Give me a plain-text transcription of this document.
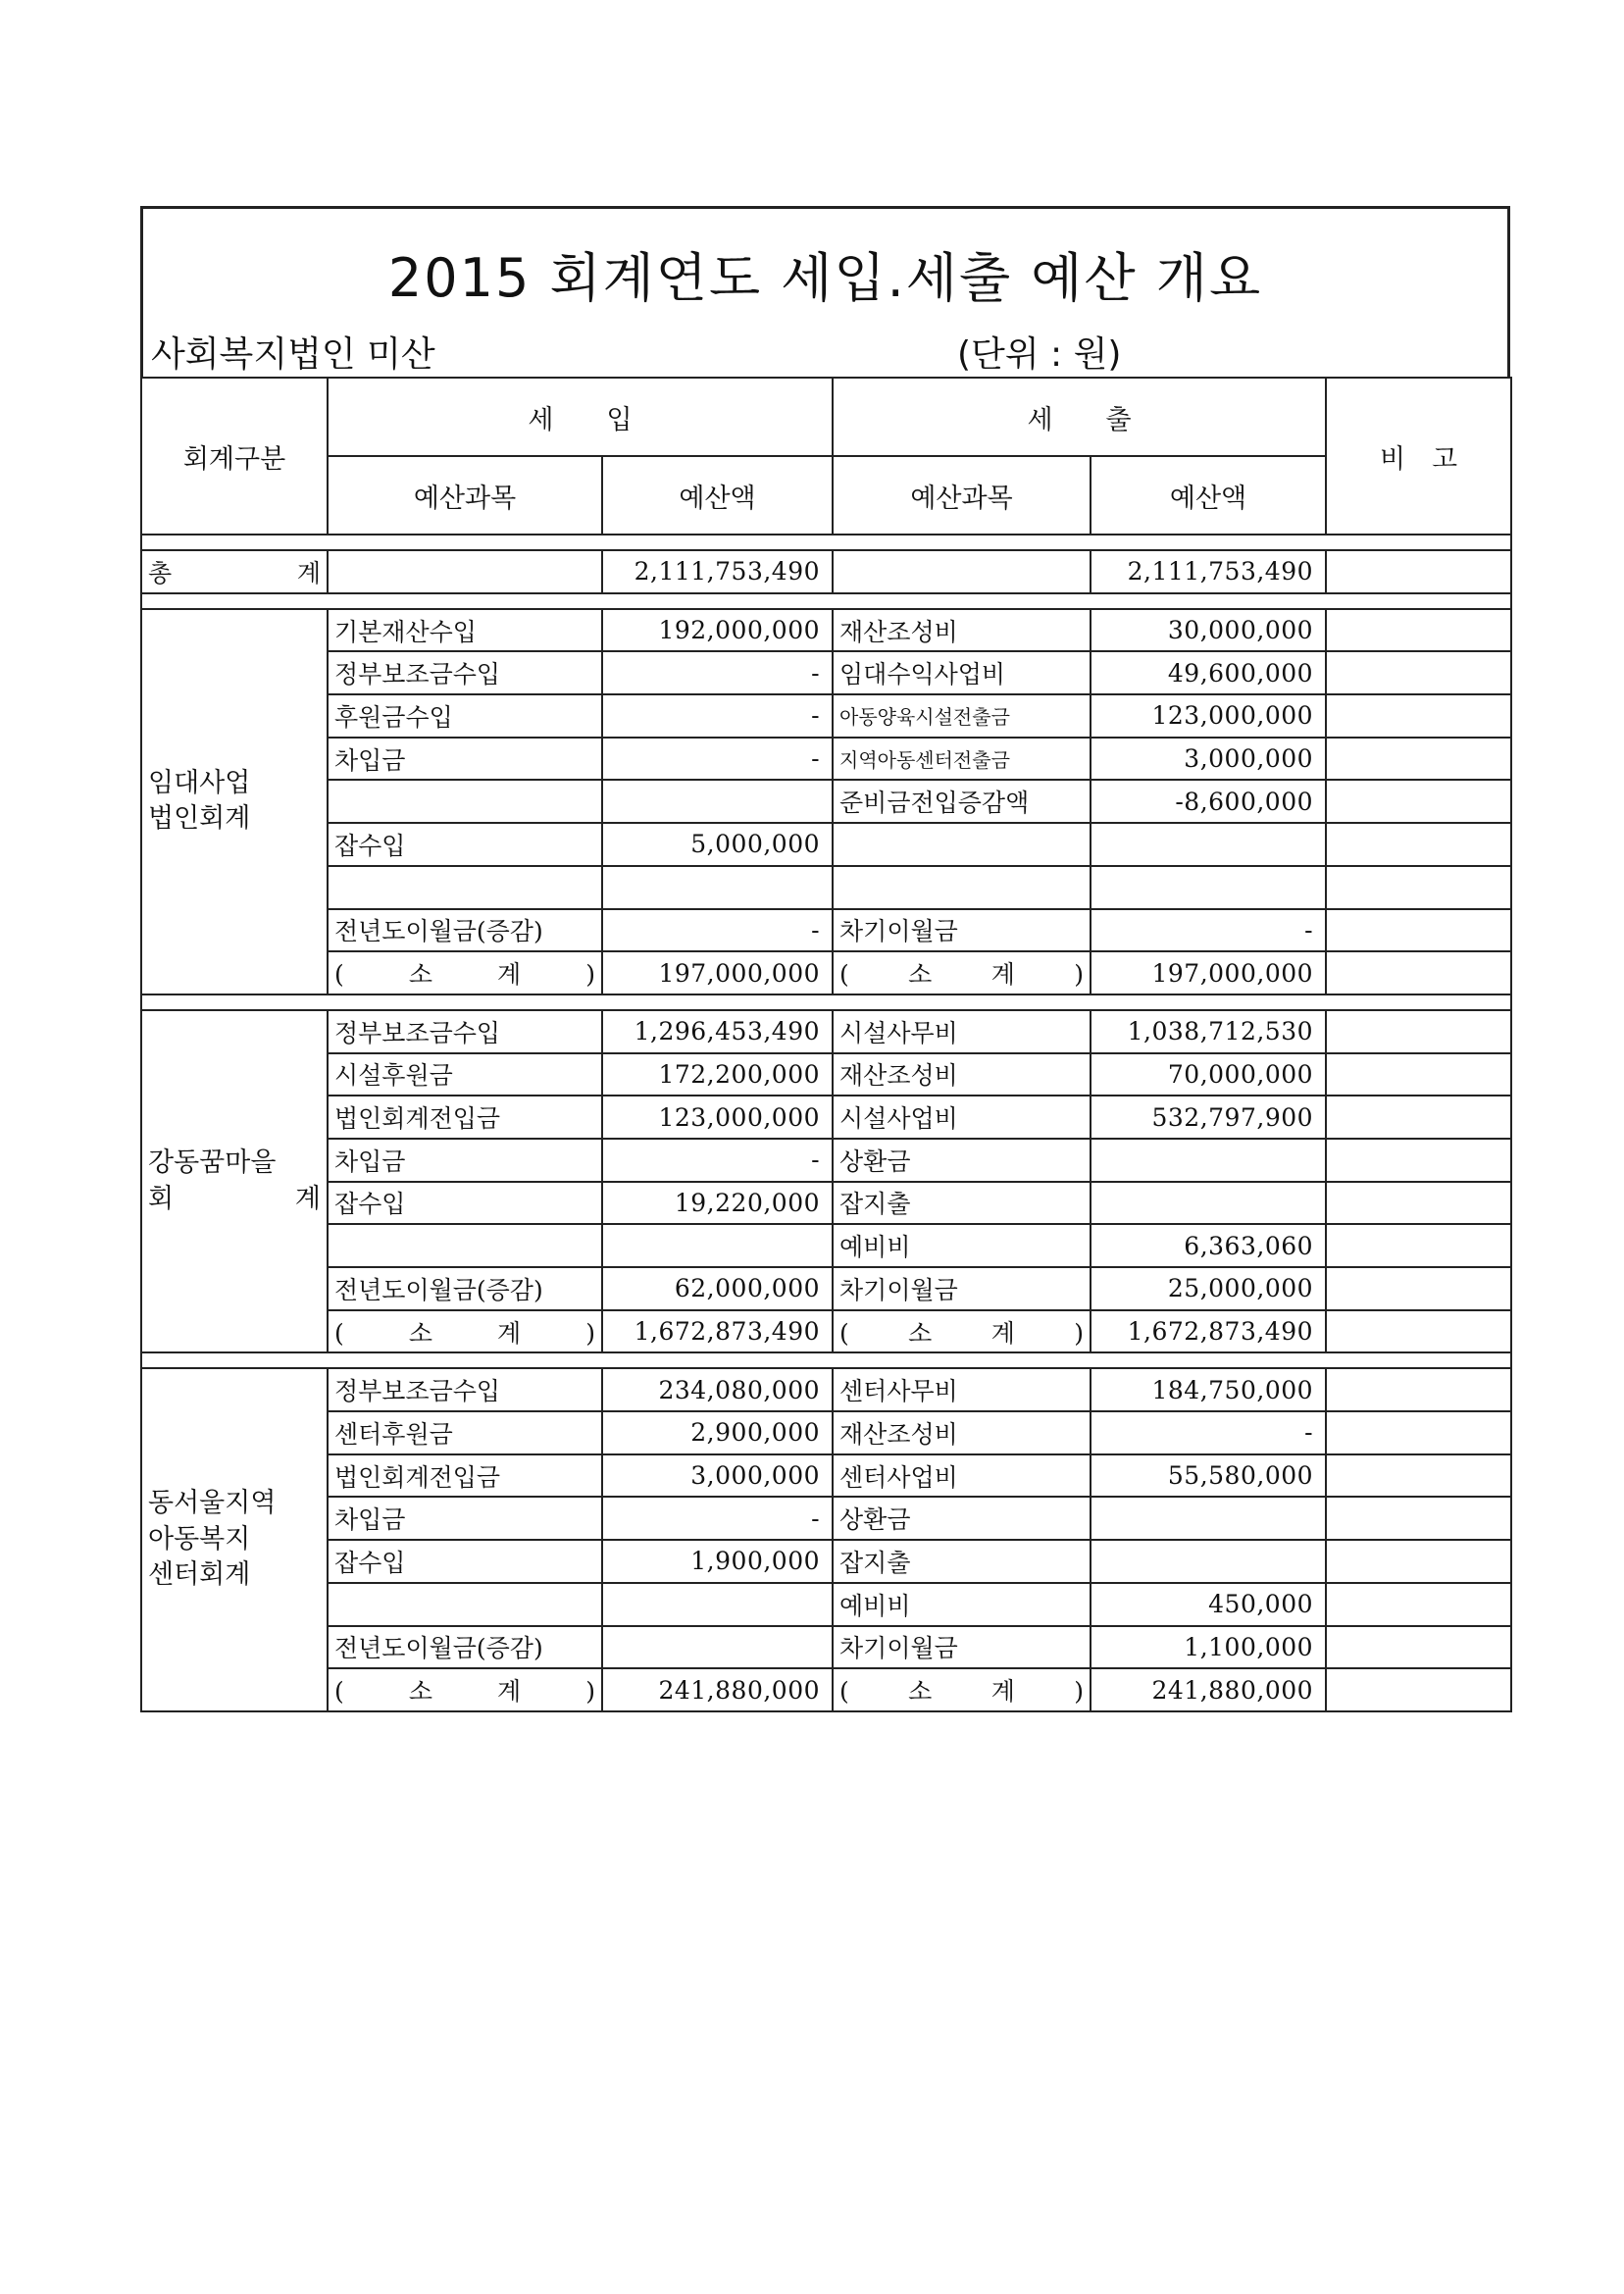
2015 회계연도 세입.세출 예산 개요
사회복지법인 미산	(단위 : 원)
회계구분	세　　입		세　　출		비　고
	예산과목	예산액	예산과목	예산액	

총　　계		2,111,753,490		2,111,753,490	

임대사업
법인회계	기본재산수입	192,000,000	재산조성비	30,000,000	
	정부보조금수입	-	임대수익사업비	49,600,000	
	후원금수입	-	아동양육시설전출금	123,000,000	
	차입금	-	지역아동센터전출금	3,000,000	
			준비금전입증감액	-8,600,000	
	잡수입	5,000,000			

	전년도이월금(증감)	-	차기이월금	-	
	(　소　계　)	197,000,000	(　소　계　)	197,000,000	

강동꿈마을
회　　계	정부보조금수입	1,296,453,490	시설사무비	1,038,712,530	
	시설후원금	172,200,000	재산조성비	70,000,000	
	법인회계전입금	123,000,000	시설사업비	532,797,900	
	차입금	-	상환금		
	잡수입	19,220,000	잡지출		
			예비비	6,363,060	
	전년도이월금(증감)	62,000,000	차기이월금	25,000,000	
	(　소　계　)	1,672,873,490	(　소　계　)	1,672,873,490	

동서울지역
아동복지
센터회계	정부보조금수입	234,080,000	센터사무비	184,750,000	
	센터후원금	2,900,000	재산조성비	-	
	법인회계전입금	3,000,000	센터사업비	55,580,000	
	차입금	-	상환금		
	잡수입	1,900,000	잡지출		
			예비비	450,000	
	전년도이월금(증감)		차기이월금	1,100,000	
	(　소　계　)	241,880,000	(　소　계　)	241,880,000	
